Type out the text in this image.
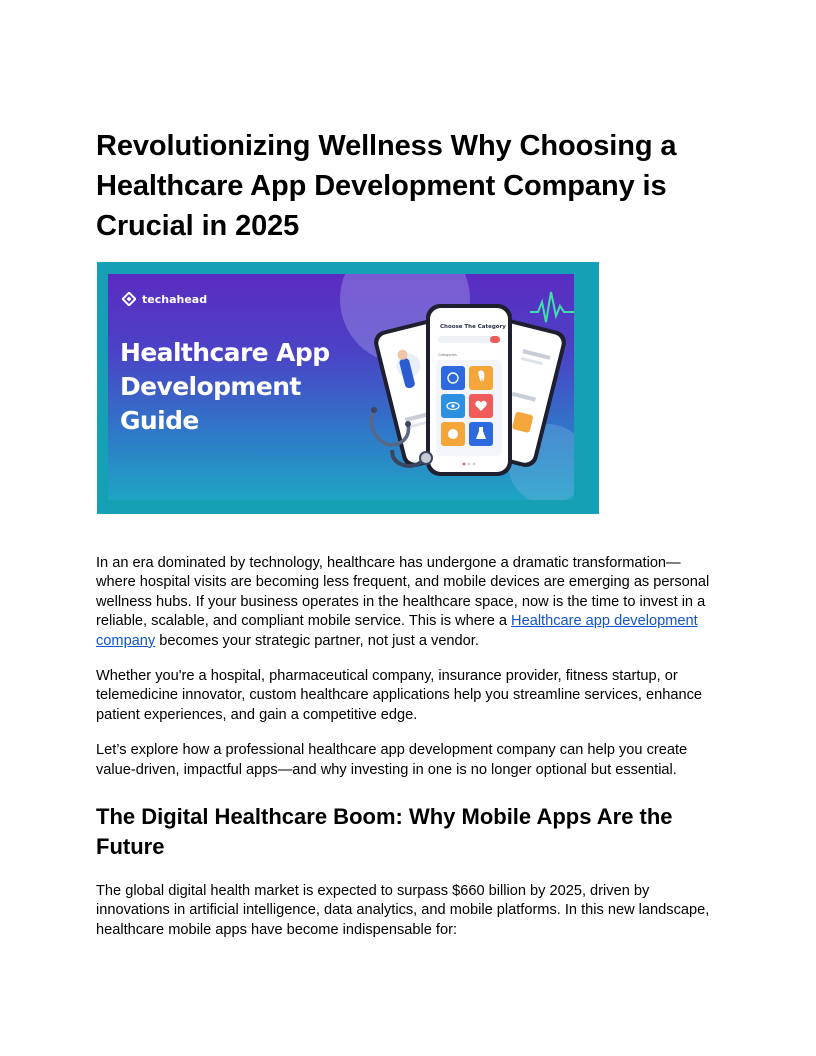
Revolutionizing Wellness Why Choosing a Healthcare App Development Company is Crucial in 2025
techahead
Healthcare App
Development
Guide
Choose The Category
Categories

In an era dominated by technology, healthcare has undergone a dramatic transformation—where hospital visits are becoming less frequent, and mobile devices are emerging as personal wellness hubs. If your business operates in the healthcare space, now is the time to invest in a reliable, scalable, and compliant mobile service. This is where a Healthcare app development company becomes your strategic partner, not just a vendor.

Whether you're a hospital, pharmaceutical company, insurance provider, fitness startup, or telemedicine innovator, custom healthcare applications help you streamline services, enhance patient experiences, and gain a competitive edge.

Let’s explore how a professional healthcare app development company can help you create value-driven, impactful apps—and why investing in one is no longer optional but essential.

The Digital Healthcare Boom: Why Mobile Apps Are the Future

The global digital health market is expected to surpass $660 billion by 2025, driven by innovations in artificial intelligence, data analytics, and mobile platforms. In this new landscape, healthcare mobile apps have become indispensable for:
